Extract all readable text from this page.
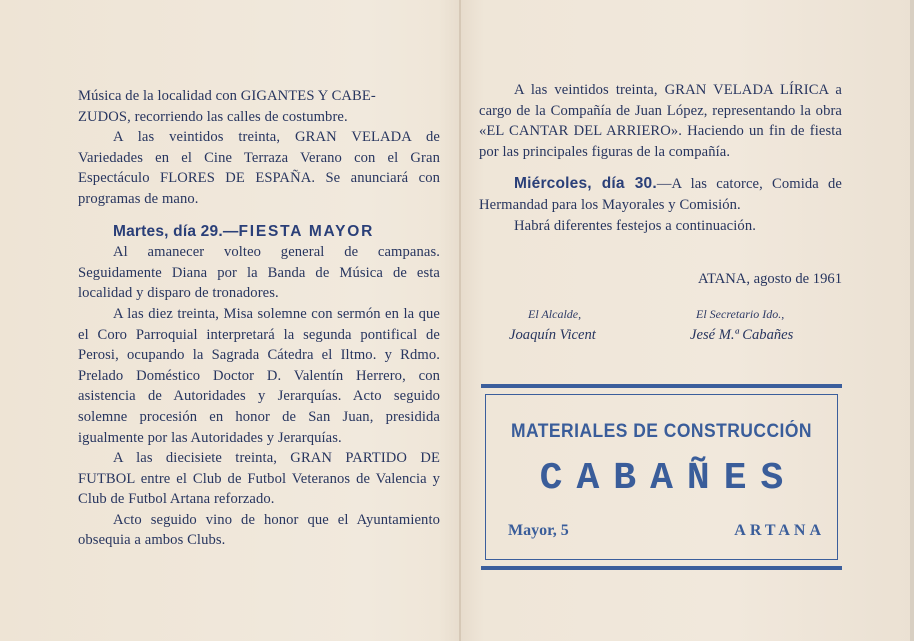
Música de la localidad con GIGANTES Y CABE-
ZUDOS, recorriendo las calles de costumbre.

A las veintidos treinta, GRAN VELADA de Variedades en el Cine Terraza Verano con el Gran Espectáculo FLORES DE ESPAÑA. Se anunciará con programas de mano.

Martes, día 29.—FIESTA MAYOR

Al amanecer volteo general de campanas. Seguidamente Diana por la Banda de Música de esta localidad y disparo de tronadores.

A las diez treinta, Misa solemne con sermón en la que el Coro Parroquial interpretará la segunda pontifical de Perosi, ocupando la Sagrada Cátedra el Iltmo. y Rdmo. Prelado Doméstico Doctor D. Valentín Herrero, con asistencia de Autoridades y Jerarquías. Acto seguido solemne procesión en honor de San Juan, presidida igualmente por las Autoridades y Jerarquías.

A las diecisiete treinta, GRAN PARTIDO DE FUTBOL entre el Club de Futbol Veteranos de Valencia y Club de Futbol Artana reforzado.

Acto seguido vino de honor que el Ayuntamiento obsequia a ambos Clubs.

A las veintidos treinta, GRAN VELADA LÍRICA a cargo de la Compañía de Juan López, representando la obra «EL CANTAR DEL ARRIERO». Haciendo un fin de fiesta por las principales figuras de la compañía.

Miércoles, día 30.—A las catorce, Comida de Hermandad para los Mayorales y Comisión.

Habrá diferentes festejos a continuación.

ATANA, agosto de 1961
El Alcalde,
Joaquín Vicent
El Secretario Ido.,
Jesé M.ª Cabañes
MATERIALES DE CONSTRUCCIÓN
CABAÑES
Mayor, 5	ARTANA
